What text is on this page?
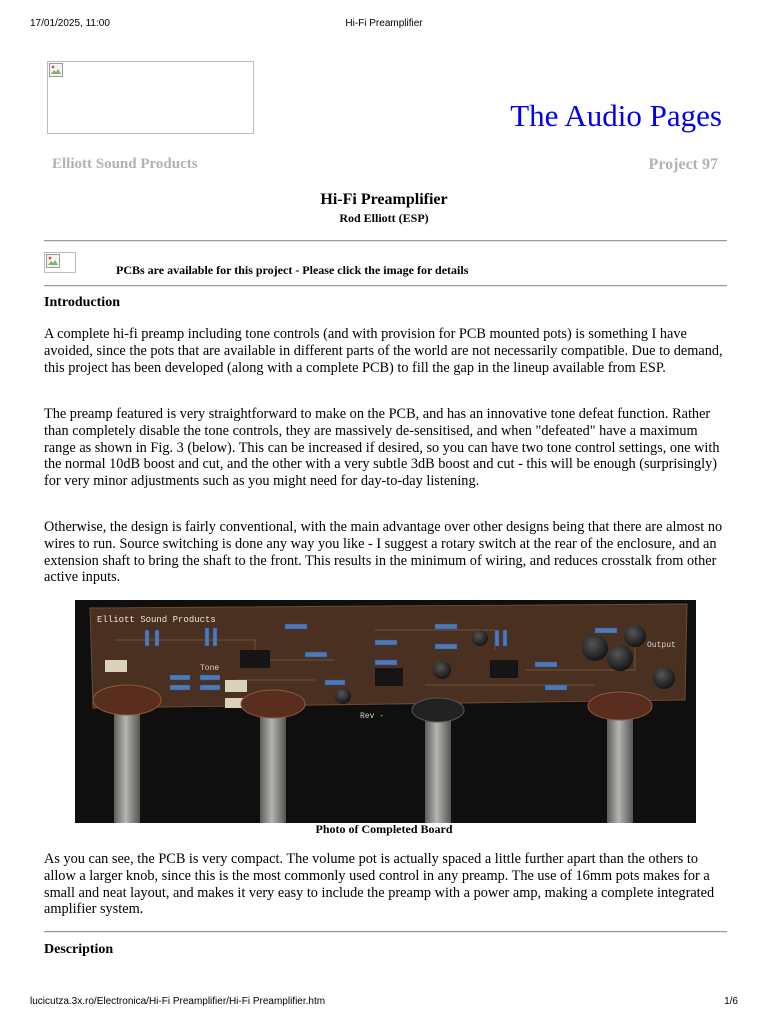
17/01/2025, 11:00	Hi-Fi Preamplifier
The Audio Pages
Elliott Sound Products	Project 97
Hi-Fi Preamplifier
Rod Elliott (ESP)
PCBs are available for this project - Please click the image for details
Introduction

A complete hi-fi preamp including tone controls (and with provision for PCB mounted pots) is something I have avoided, since the pots that are available in different parts of the world are not necessarily compatible. Due to demand, this project has been developed (along with a complete PCB) to fill the gap in the lineup available from ESP.

The preamp featured is very straightforward to make on the PCB, and has an innovative tone defeat function. Rather than completely disable the tone controls, they are massively de-sensitised, and when "defeated" have a maximum range as shown in Fig. 3 (below). This can be increased if desired, so you can have two tone control settings, one with the normal 10dB boost and cut, and the other with a very subtle 3dB boost and cut - this will be enough (surprisingly) for very minor adjustments such as you might need for day-to-day listening.

Otherwise, the design is fairly conventional, with the main advantage over other designs being that there are almost no wires to run. Source switching is done any way you like - I suggest a rotary switch at the rear of the enclosure, and an extension shaft to bring the shaft to the front. This results in the minimum of wiring, and reduces crosstalk from other active inputs.

Elliott Sound Products
Tone
Rev -
Output
Photo of Completed Board

As you can see, the PCB is very compact. The volume pot is actually spaced a little further apart than the others to allow a larger knob, since this is the most commonly used control in any preamp. The use of 16mm pots makes for a small and neat layout, and makes it very easy to include the preamp with a power amp, making a complete integrated amplifier system.

Description
lucicutza.3x.ro/Electronica/Hi-Fi Preamplifier/Hi-Fi Preamplifier.htm	1/6
